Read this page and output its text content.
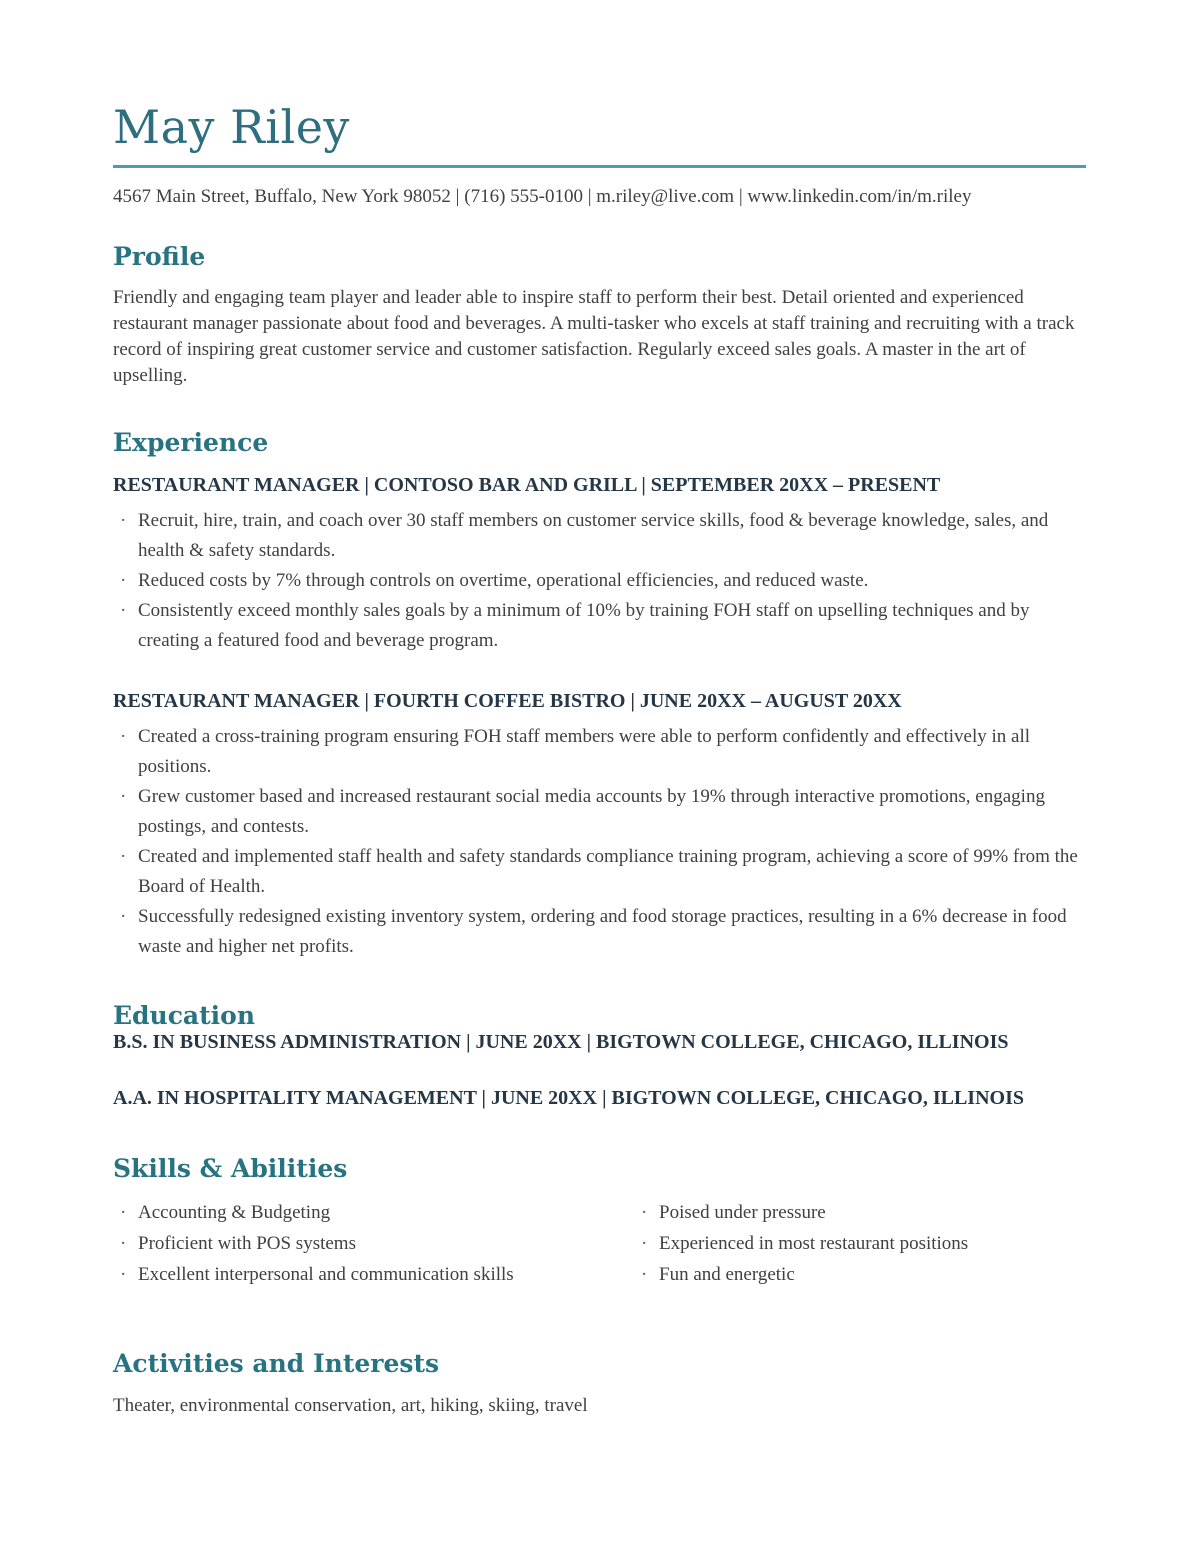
May Riley

4567 Main Street, Buffalo, New York 98052 | (716) 555-0100 | m.riley@live.com | www.linkedin.com/in/m.riley

Profile

Friendly and engaging team player and leader able to inspire staff to perform their best. Detail oriented and experienced restaurant manager passionate about food and beverages. A multi-tasker who excels at staff training and recruiting with a track record of inspiring great customer service and customer satisfaction. Regularly exceed sales goals. A master in the art of upselling.

Experience
RESTAURANT MANAGER | CONTOSO BAR AND GRILL | SEPTEMBER 20XX – PRESENT
· Recruit, hire, train, and coach over 30 staff members on customer service skills, food & beverage knowledge, sales, and health & safety standards.
· Reduced costs by 7% through controls on overtime, operational efficiencies, and reduced waste.
· Consistently exceed monthly sales goals by a minimum of 10% by training FOH staff on upselling techniques and by creating a featured food and beverage program.
RESTAURANT MANAGER | FOURTH COFFEE BISTRO | JUNE 20XX – AUGUST 20XX
· Created a cross-training program ensuring FOH staff members were able to perform confidently and effectively in all positions.
· Grew customer based and increased restaurant social media accounts by 19% through interactive promotions, engaging postings, and contests.
· Created and implemented staff health and safety standards compliance training program, achieving a score of 99% from the Board of Health.
· Successfully redesigned existing inventory system, ordering and food storage practices, resulting in a 6% decrease in food waste and higher net profits.
Education
B.S. IN BUSINESS ADMINISTRATION | JUNE 20XX | BIGTOWN COLLEGE, CHICAGO, ILLINOIS
A.A. IN HOSPITALITY MANAGEMENT | JUNE 20XX | BIGTOWN COLLEGE, CHICAGO, ILLINOIS
Skills & Abilities
· Accounting & Budgeting
· Proficient with POS systems
· Excellent interpersonal and communication skills
· Poised under pressure
· Experienced in most restaurant positions
· Fun and energetic
Activities and Interests

Theater, environmental conservation, art, hiking, skiing, travel
